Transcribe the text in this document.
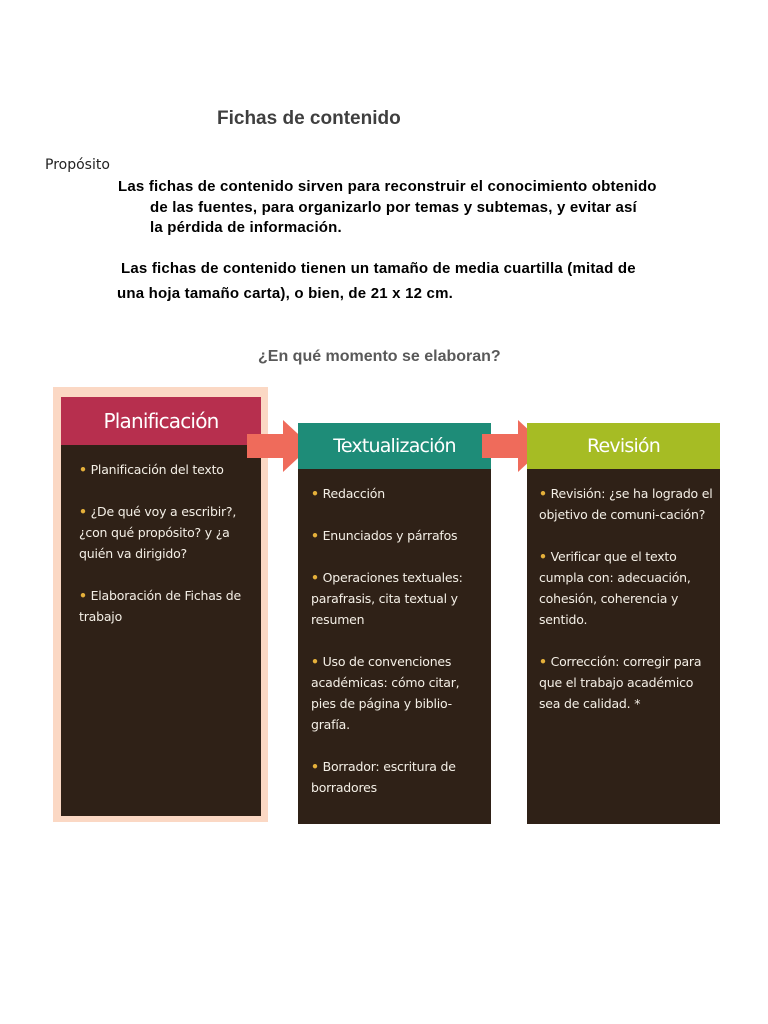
Fichas de contenido
Propósito
Las fichas de contenido sirven para reconstruir el conocimiento obtenido
de las fuentes, para organizarlo por temas y subtemas, y evitar así
la pérdida de información.
Las fichas de contenido tienen un tamaño de media cuartilla (mitad de
una hoja tamaño carta), o bien, de 21 x 12 cm.
¿En qué momento se elaboran?
Planificación
• Planificación del texto
• ¿De qué voy a escribir?, ¿con qué propósito? y ¿a quién va dirigido?
• Elaboración de Fichas de trabajo
Textualización
• Redacción
• Enunciados y párrafos
• Operaciones textuales: parafrasis, cita textual y resumen
• Uso de convenciones académicas: cómo citar, pies de página y biblio-grafía.
• Borrador: escritura de borradores
Revisión
• Revisión: ¿se ha logrado el objetivo de comuni-cación?
• Verificar que el texto cumpla con: adecuación, cohesión, coherencia y sentido.
• Corrección: corregir para que el trabajo académico sea de calidad. *
